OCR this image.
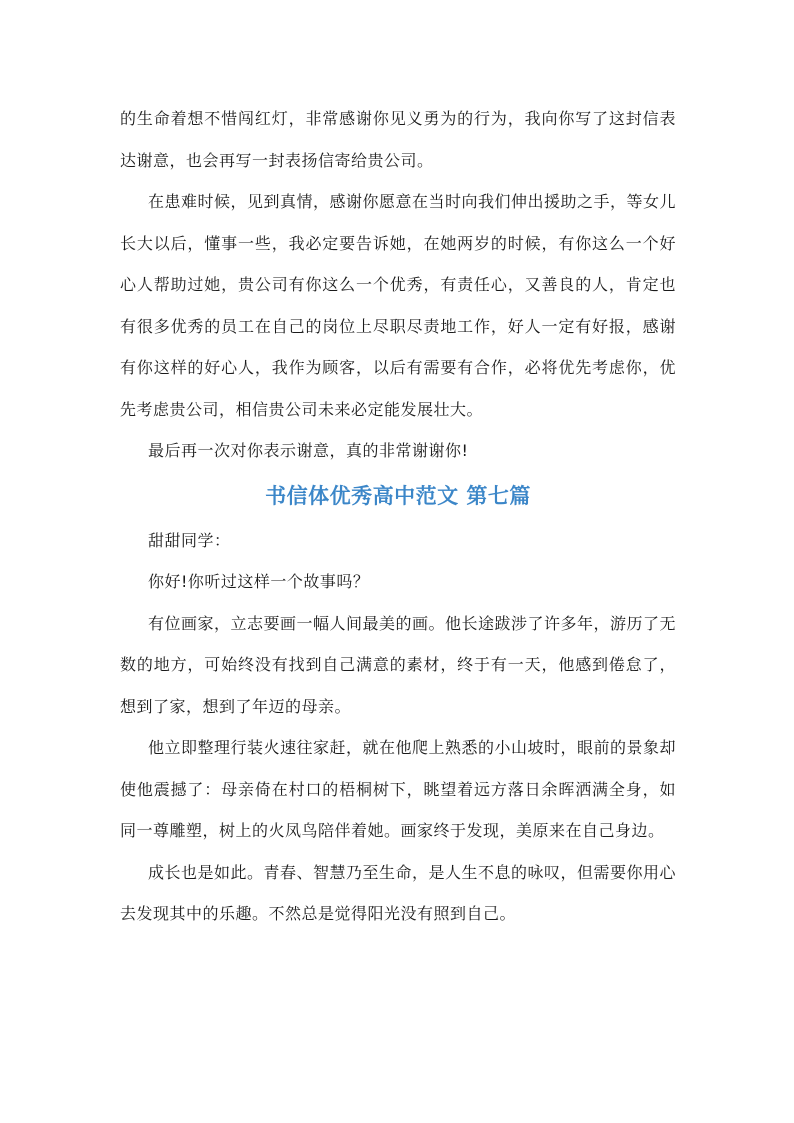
的生命着想不惜闯红灯，非常感谢你见义勇为的行为，我向你写了这封信表达谢意，也会再写一封表扬信寄给贵公司。

在患难时候，见到真情，感谢你愿意在当时向我们伸出援助之手，等女儿长大以后，懂事一些，我必定要告诉她，在她两岁的时候，有你这么一个好心人帮助过她，贵公司有你这么一个优秀，有责任心，又善良的人，肯定也有很多优秀的员工在自己的岗位上尽职尽责地工作，好人一定有好报，感谢有你这样的好心人，我作为顾客，以后有需要有合作，必将优先考虑你，优先考虑贵公司，相信贵公司未来必定能发展壮大。

最后再一次对你表示谢意，真的非常谢谢你!

书信体优秀高中范文 第七篇

甜甜同学：

你好!你听过这样一个故事吗？

有位画家，立志要画一幅人间最美的画。他长途跋涉了许多年，游历了无数的地方，可始终没有找到自己满意的素材，终于有一天，他感到倦怠了，想到了家，想到了年迈的母亲。

他立即整理行装火速往家赶，就在他爬上熟悉的小山坡时，眼前的景象却使他震撼了：母亲倚在村口的梧桐树下，眺望着远方落日余晖洒满全身，如同一尊雕塑，树上的火凤鸟陪伴着她。画家终于发现，美原来在自己身边。

成长也是如此。青春、智慧乃至生命，是人生不息的咏叹，但需要你用心去发现其中的乐趣。不然总是觉得阳光没有照到自己。
